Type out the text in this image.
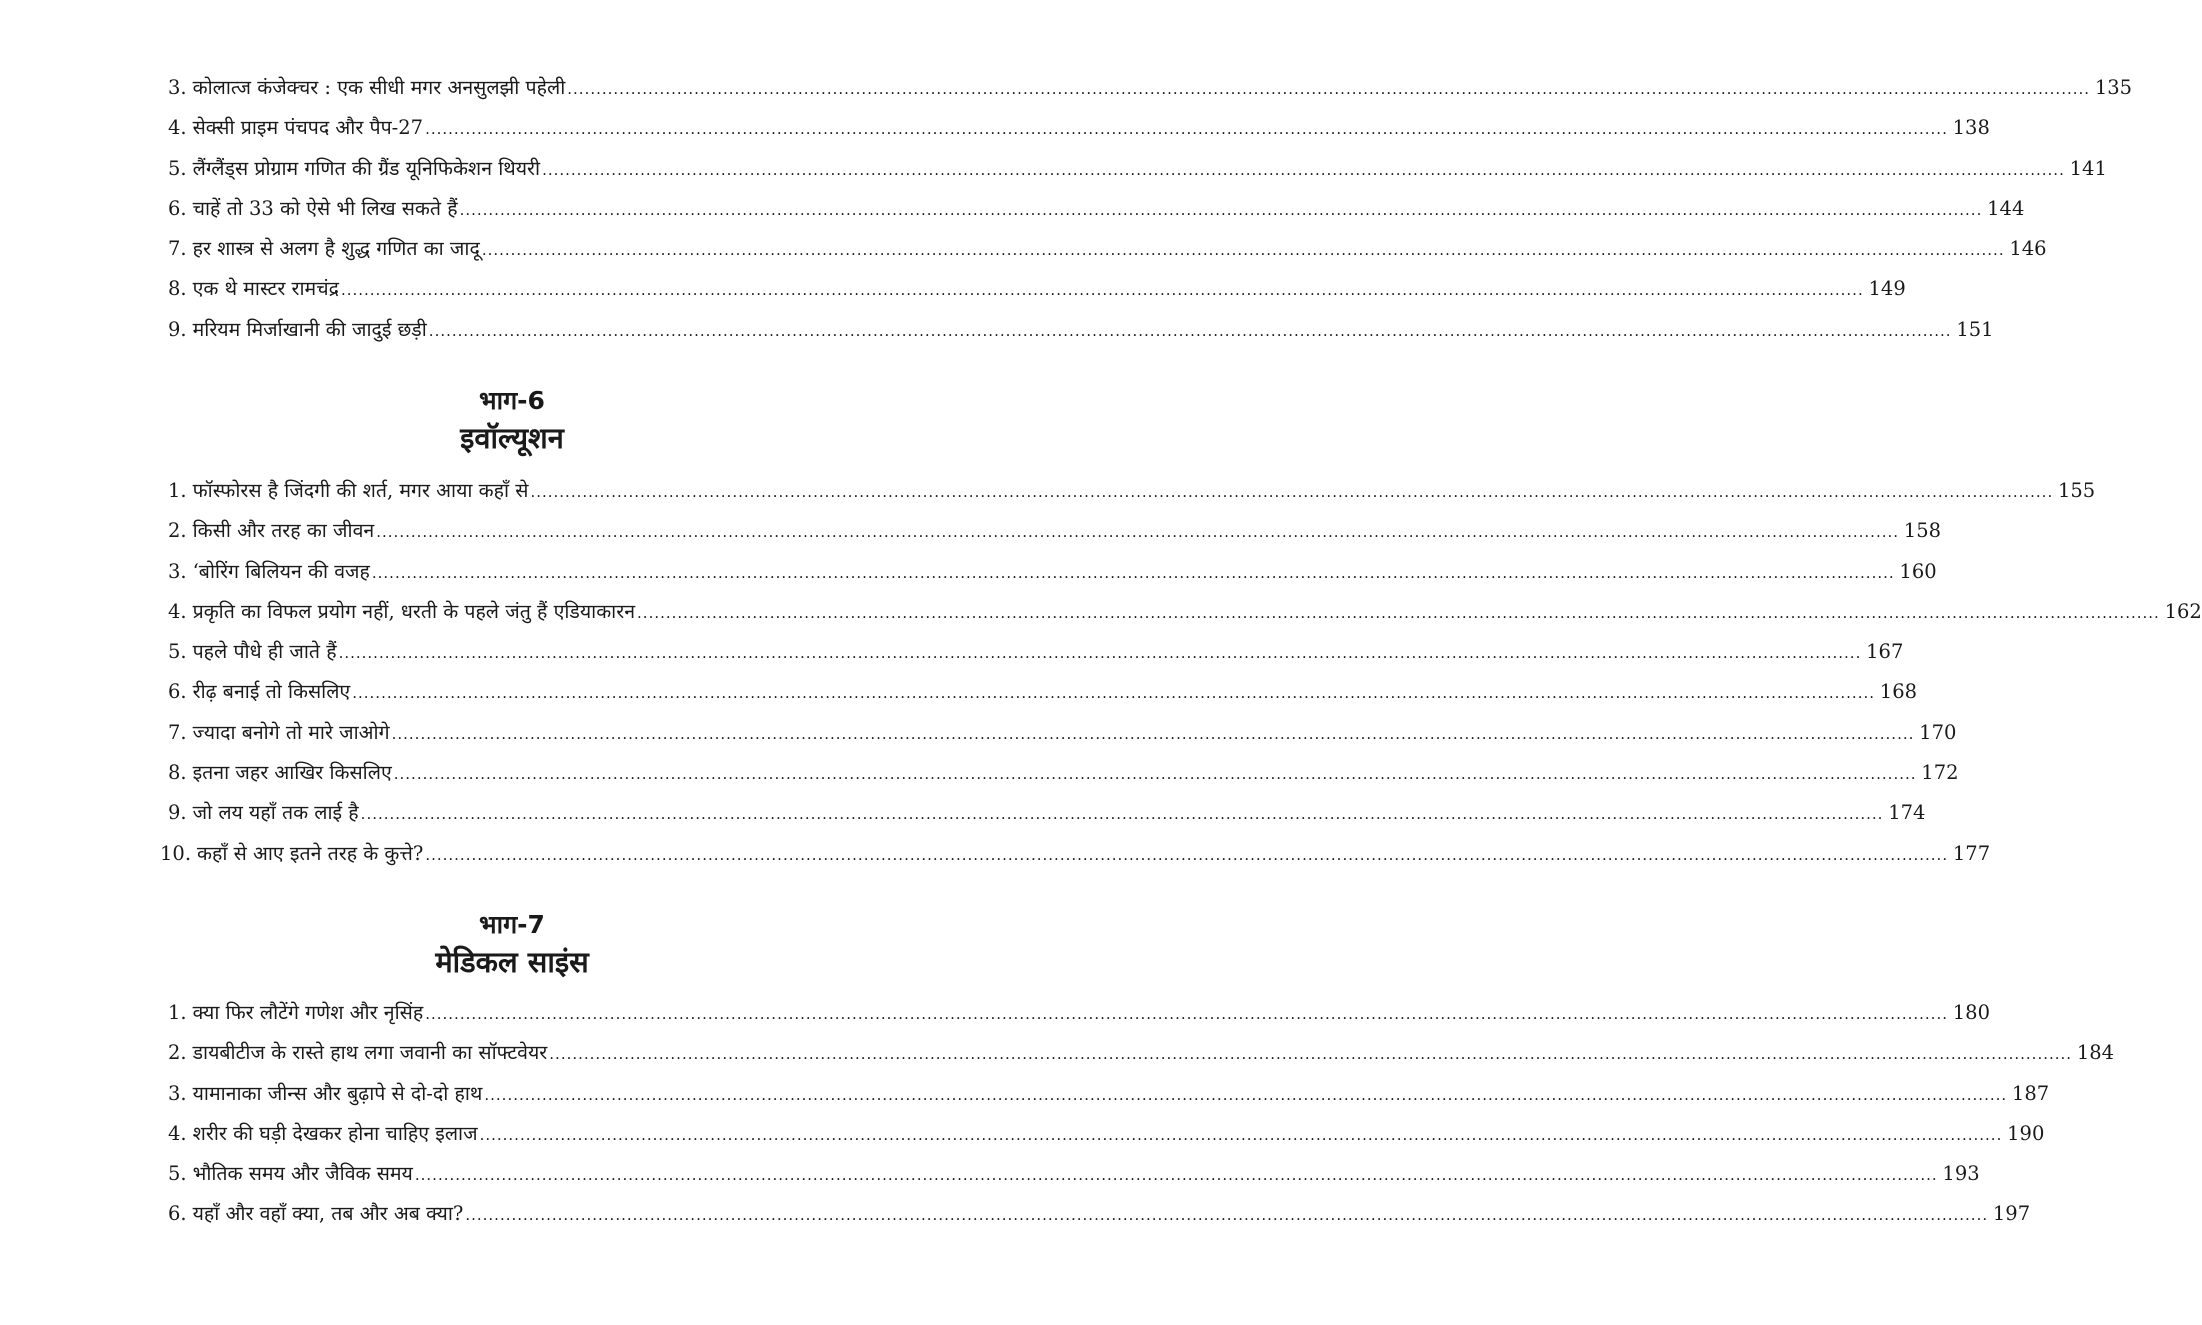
3. कोलात्ज कंजेक्चर : एक सीधी मगर अनसुलझी पहेली .....	135
4. सेक्सी प्राइम पंचपद और पैप-27 .....	138
5. लैंग्लैंड्स प्रोग्राम गणित की ग्रैंड यूनिफिकेशन थियरी .....	141
6. चाहें तो 33 को ऐसे भी लिख सकते हैं .....	144
7. हर शास्त्र से अलग है शुद्ध गणित का जादू .....	146
8. एक थे मास्टर रामचंद्र .....	149
9. मरियम मिर्जाखानी की जादुई छड़ी .....	151
भाग-6
इवॉल्यूशन
1. फॉस्फोरस है जिंदगी की शर्त, मगर आया कहाँ से .....	155
2. किसी और तरह का जीवन .....	158
3. ‘बोरिंग बिलियन की वजह .....	160
4. प्रकृति का विफल प्रयोग नहीं, धरती के पहले जंतु हैं एडियाकारन .....	162
5. पहले पौधे ही जाते हैं .....	167
6. रीढ़ बनाई तो किसलिए .....	168
7. ज्यादा बनोगे तो मारे जाओगे .....	170
8. इतना जहर आखिर किसलिए .....	172
9. जो लय यहाँ तक लाई है .....	174
10. कहाँ से आए इतने तरह के कुत्ते? .....	177
भाग-7
मेडिकल साइंस
1. क्या फिर लौटेंगे गणेश और नृसिंह .....	180
2. डायबीटीज के रास्ते हाथ लगा जवानी का सॉफ्टवेयर .....	184
3. यामानाका जीन्स और बुढ़ापे से दो-दो हाथ .....	187
4. शरीर की घड़ी देखकर होना चाहिए इलाज .....	190
5. भौतिक समय और जैविक समय .....	193
6. यहाँ और वहाँ क्या, तब और अब क्या? .....	197
